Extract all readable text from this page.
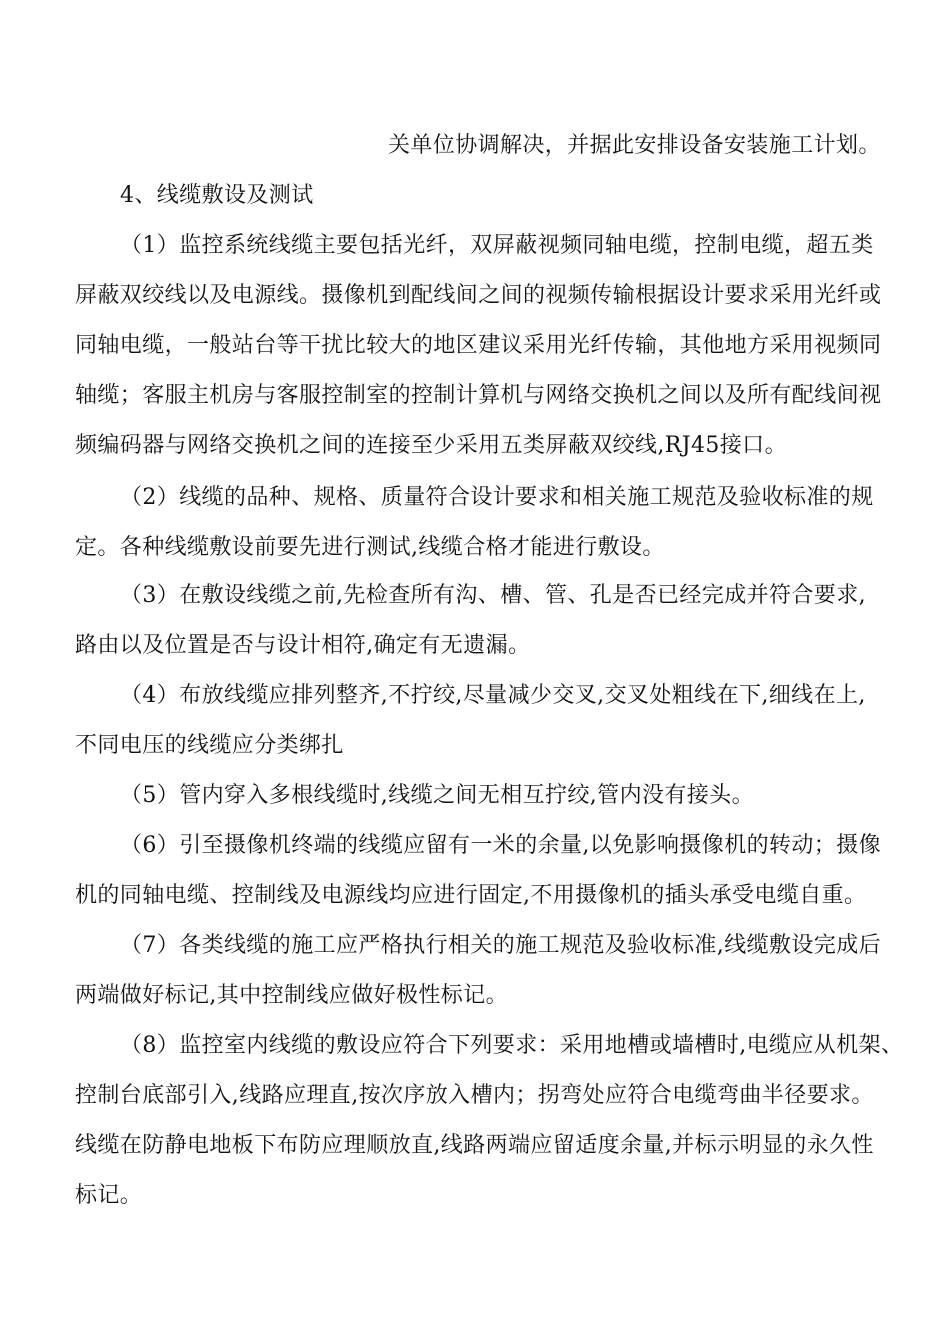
关单位协调解决，并据此安排设备安装施工计划。
4、线缆敷设及测试
（1）监控系统线缆主要包括光纤，双屏蔽视频同轴电缆，控制电缆，超五类
屏蔽双绞线以及电源线。摄像机到配线间之间的视频传输根据设计要求采用光纤或
同轴电缆，一般站台等干扰比较大的地区建议采用光纤传输，其他地方采用视频同
轴缆；客服主机房与客服控制室的控制计算机与网络交换机之间以及所有配线间视
频编码器与网络交换机之间的连接至少采用五类屏蔽双绞线,RJ45接口。
（2）线缆的品种、规格、质量符合设计要求和相关施工规范及验收标准的规
定。各种线缆敷设前要先进行测试,线缆合格才能进行敷设。
（3）在敷设线缆之前,先检查所有沟、槽、管、孔是否已经完成并符合要求,
路由以及位置是否与设计相符,确定有无遗漏。
（4）布放线缆应排列整齐,不拧绞,尽量减少交叉,交叉处粗线在下,细线在上,
不同电压的线缆应分类绑扎
（5）管内穿入多根线缆时,线缆之间无相互拧绞,管内没有接头。
（6）引至摄像机终端的线缆应留有一米的余量,以免影响摄像机的转动；摄像
机的同轴电缆、控制线及电源线均应进行固定,不用摄像机的插头承受电缆自重。
（7）各类线缆的施工应严格执行相关的施工规范及验收标准,线缆敷设完成后
两端做好标记,其中控制线应做好极性标记。
（8）监控室内线缆的敷设应符合下列要求：采用地槽或墙槽时,电缆应从机架、
控制台底部引入,线路应理直,按次序放入槽内；拐弯处应符合电缆弯曲半径要求。
线缆在防静电地板下布防应理顺放直,线路两端应留适度余量,并标示明显的永久性
标记。
